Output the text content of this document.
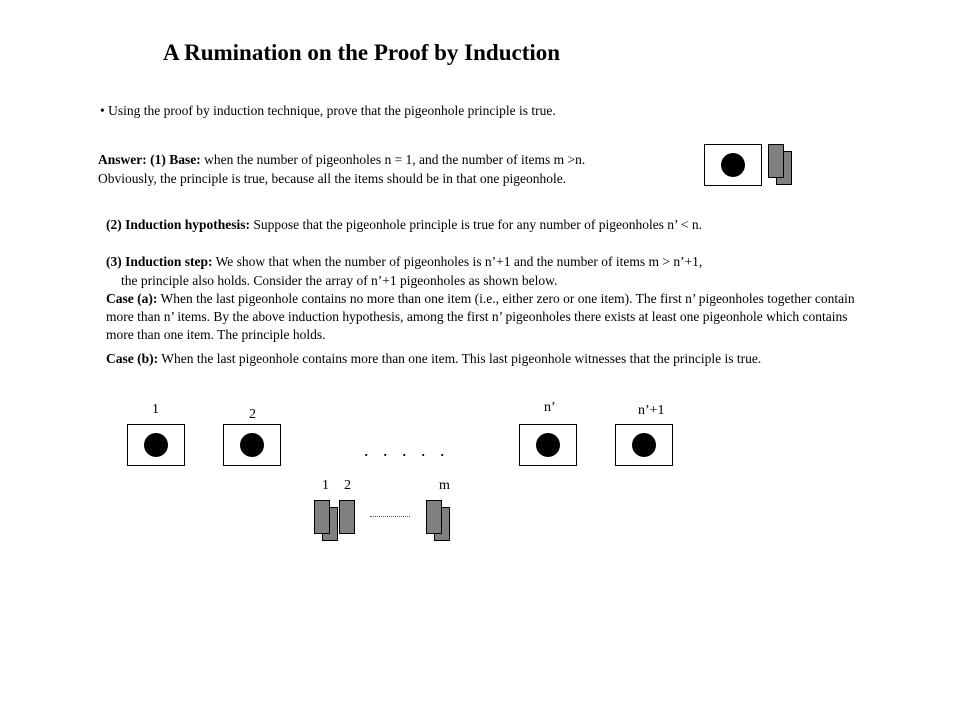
A Rumination on the Proof by Induction
• Using the proof by induction technique, prove that the pigeonhole principle is true.
Answer: (1) Base: when the number of pigeonholes n = 1, and the number of items m >n.
Obviously, the principle is true, because all the items should be in that one pigeonhole.
(2) Induction hypothesis: Suppose that the pigeonhole principle is true for any number of pigeonholes n’ < n.
(3) Induction step: We show that when the number of pigeonholes is n’+1 and the number of items m > n’+1,
the principle also holds. Consider the array of n’+1 pigeonholes as shown below.
Case (a): When the last pigeonhole contains no more than one item (i.e., either zero or one item). The first n’ pigeonholes together contain more than n’ items. By the above induction hypothesis, among the first n’ pigeonholes there exists at least one pigeonhole which contains more than one item. The principle holds.
Case (b): When the last pigeonhole contains more than one item. This last pigeonhole witnesses that the principle is true.
1	2	n’	n’+1
. . . . .
1 2	m
